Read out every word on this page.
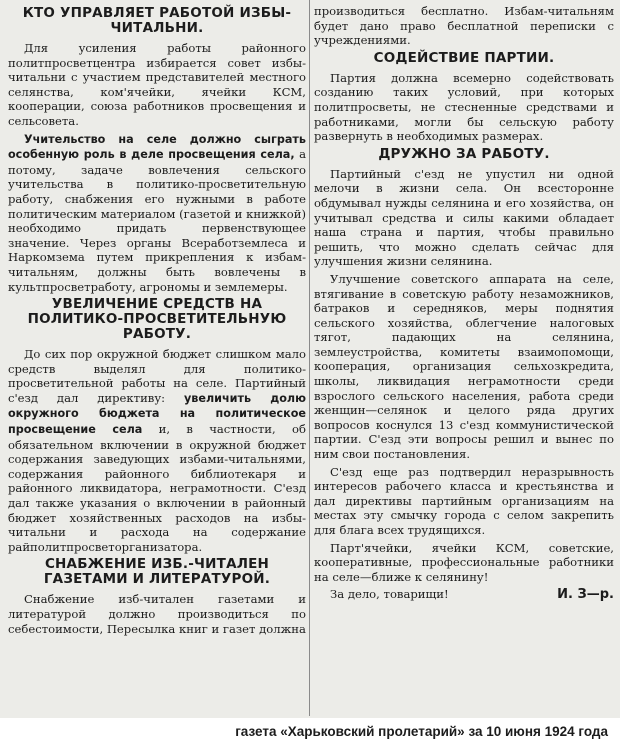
КТО УПРАВЛЯЕТ РАБОТОЙ ИЗБЫ-ЧИТАЛЬНИ.

Для усиления работы районного политпросветцентра избирается совет избы-читальни с участием представителей местного селянства, ком'ячейки, ячейки КСМ, кооперации, союза работников просвещения и сельсовета.

Учительство на селе должно сыграть особенную роль в деле просвещения села, а потому, задаче вовлечения сельского учительства в политико-просветительную работу, снабжения его нужными в работе политическим материалом (газетой и книжкой) необходимо придать первенствующее значение. Через органы Всеработземлеса и Наркомзема путем прикрепления к избам-читальням, должны быть вовлечены в культпросветработу, агрономы и землемеры.

УВЕЛИЧЕНИЕ СРЕДСТВ НА ПОЛИТИКО-ПРОСВЕТИТЕЛЬНУЮ РАБОТУ.

До сих пор окружной бюджет слишком мало средств выделял для политико-просветительной работы на селе. Партийный с'езд дал директиву: увеличить долю окружного бюджета на политическое просвещение села и, в частности, об обязательном включении в окружной бюджет содержания заведующих избами-читальнями, содержания районного библиотекаря и районного ликвидатора, неграмотности. С'езд дал также указания о включении в районный бюджет хозяйственных расходов на избы-читальни и расхода на содержание райполитпросветорганизатора.

СНАБЖЕНИЕ ИЗБ.-ЧИТАЛЕН ГАЗЕТАМИ И ЛИТЕРАТУРОЙ.

Снабжение изб-читален газетами и литературой должно производиться по себестоимости, Пересылка книг и газет должна

производиться бесплатно. Избам-читальням будет дано право бесплатной переписки с учреждениями.

СОДЕЙСТВИЕ ПАРТИИ.

Партия должна всемерно содействовать созданию таких условий, при которых политпросветы, не стесненные средствами и работниками, могли бы сельскую работу развернуть в необходимых размерах.

ДРУЖНО ЗА РАБОТУ.

Партийный с'езд не упустил ни одной мелочи в жизни села. Он всесторонне обдумывал нужды селянина и его хозяйства, он учитывал средства и силы какими обладает наша страна и партия, чтобы правильно решить, что можно сделать сейчас для улучшения жизни селянина.

Улучшение советского аппарата на селе, втягивание в советскую работу незаможников, батраков и середняков, меры поднятия сельского хозяйства, облегчение налоговых тягот, падающих на селянина, землеустройства, комитеты взаимопомощи, кооперация, организация сельхозкредита, школы, ликвидация неграмотности среди взрослого сельского населения, работа среди женщин—селянок и целого ряда других вопросов коснулся 13 с'езд коммунистической партии. С'езд эти вопросы решил и вынес по ним свои постановления.

С'езд еще раз подтвердил неразрывность интересов рабочего класса и крестьянства и дал директивы партийным организациям на местах эту смычку города с селом закрепить для блага всех трудящихся.

Парт'ячейки, ячейки КСМ, советские, кооперативные, профессиональные работники на селе—ближе к селянину!

За дело, товарищи!	И. З—р.
газета «Харьковский пролетарий» за 10 июня 1924 года
